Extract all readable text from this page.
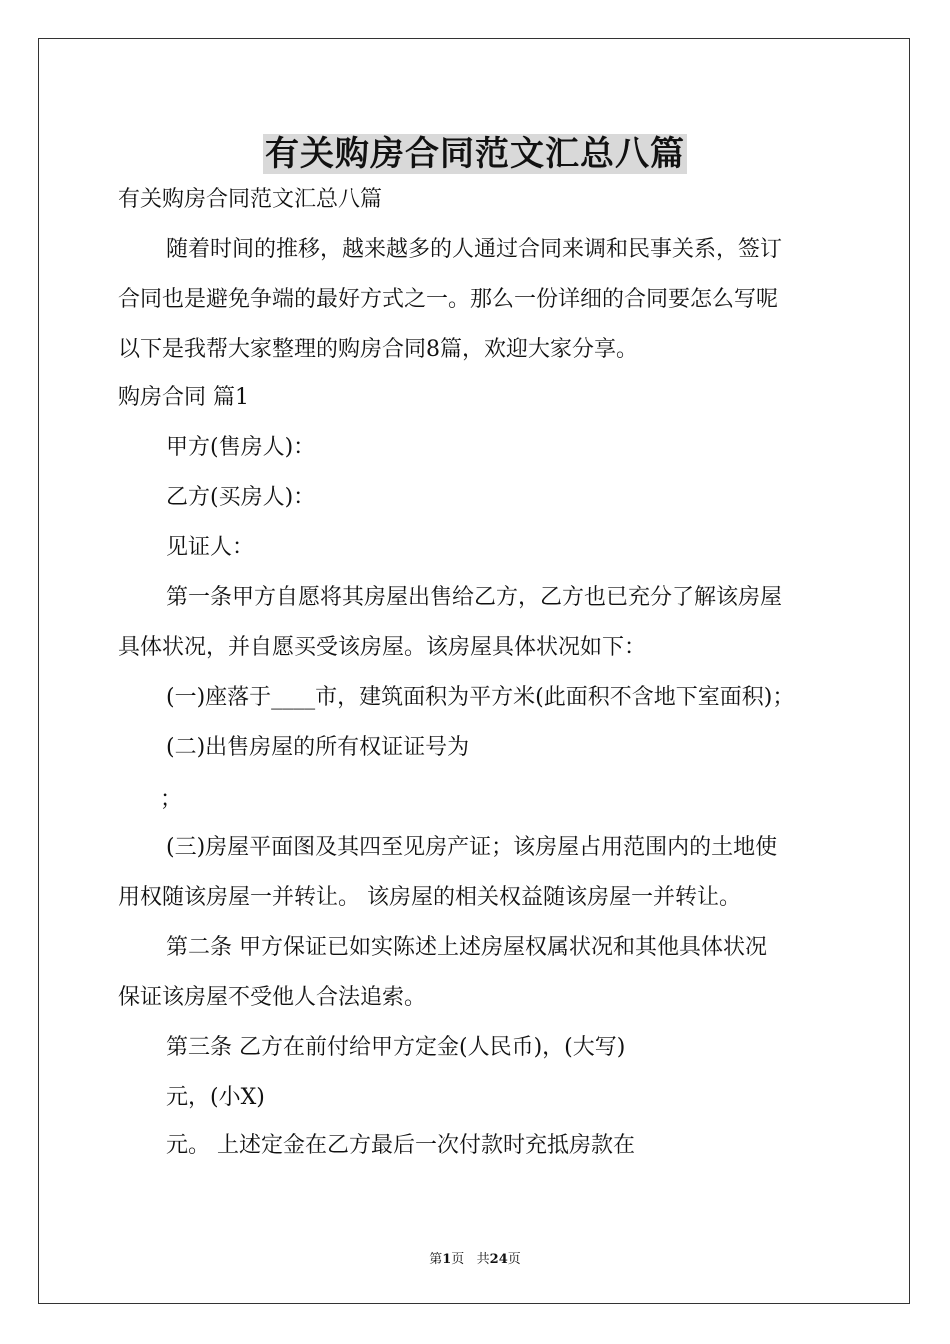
有关购房合同范文汇总八篇
有关购房合同范文汇总八篇
随着时间的推移，越来越多的人通过合同来调和民事关系，签订
合同也是避免争端的最好方式之一。那么一份详细的合同要怎么写呢
以下是我帮大家整理的购房合同8篇，欢迎大家分享。
购房合同 篇1
甲方(售房人)：
乙方(买房人)：
见证人：
第一条甲方自愿将其房屋出售给乙方，乙方也已充分了解该房屋
具体状况，并自愿买受该房屋。该房屋具体状况如下：
(一)座落于____市，建筑面积为平方米(此面积不含地下室面积)；
(二)出售房屋的所有权证证号为
；
(三)房屋平面图及其四至见房产证；该房屋占用范围内的土地使
用权随该房屋一并转让。 该房屋的相关权益随该房屋一并转让。
第二条 甲方保证已如实陈述上述房屋权属状况和其他具体状况
保证该房屋不受他人合法追索。
第三条 乙方在前付给甲方定金(人民币)，(大写)
元，(小X)
元。 上述定金在乙方最后一次付款时充抵房款在
第1页   共24页
